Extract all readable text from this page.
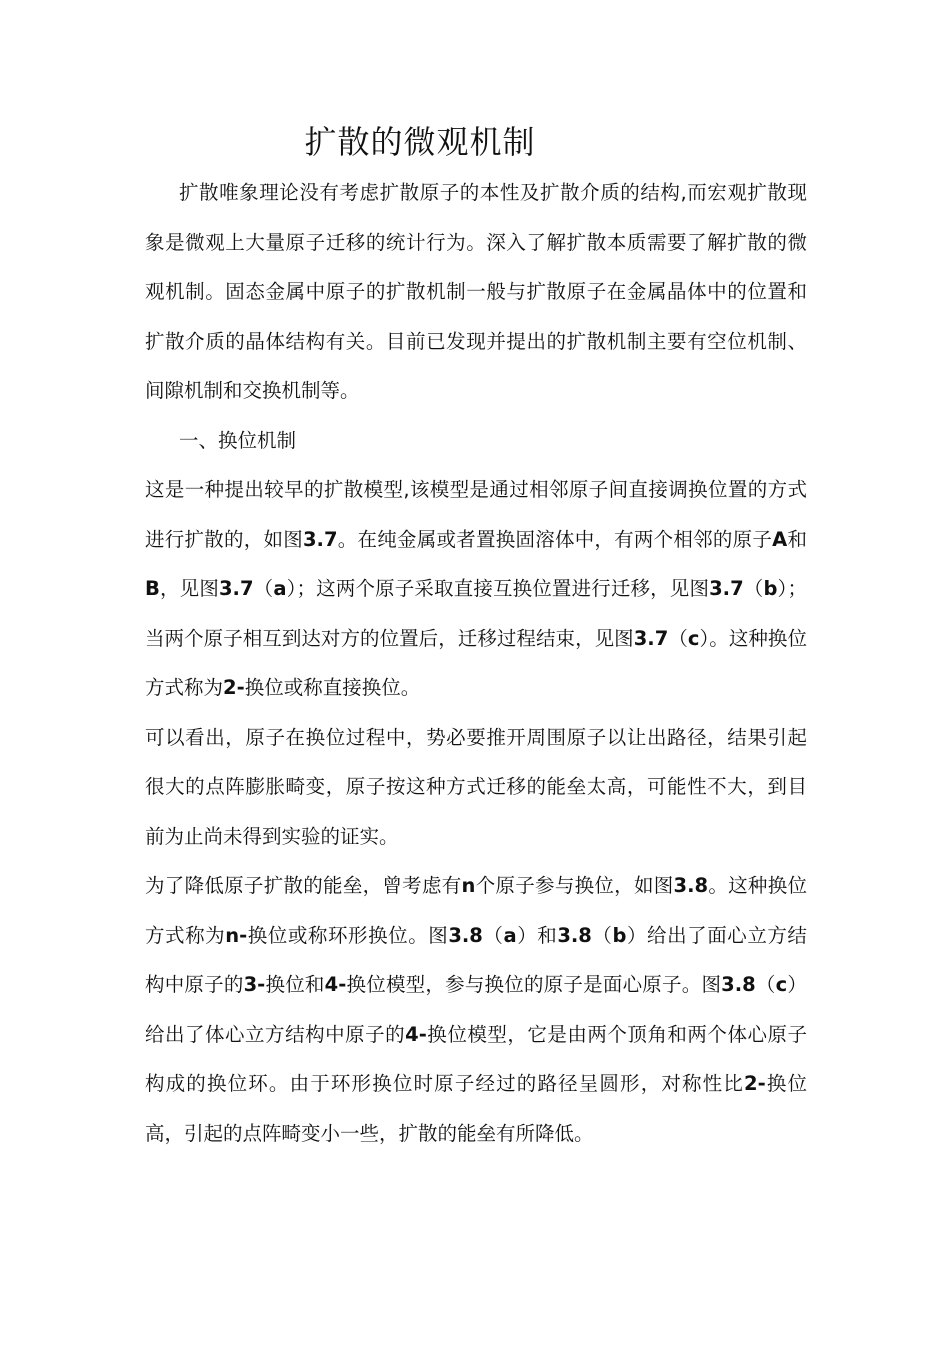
扩散的微观机制

扩散唯象理论没有考虑扩散原子的本性及扩散介质的结构,而宏观扩散现象是微观上大量原子迁移的统计行为。深入了解扩散本质需要了解扩散的微观机制。固态金属中原子的扩散机制一般与扩散原子在金属晶体中的位置和扩散介质的晶体结构有关。目前已发现并提出的扩散机制主要有空位机制、间隙机制和交换机制等。

一、换位机制

这是一种提出较早的扩散模型,该模型是通过相邻原子间直接调换位置的方式进行扩散的，如图3.7。在纯金属或者置换固溶体中，有两个相邻的原子A和B，见图3.7（a）；这两个原子采取直接互换位置进行迁移，见图3.7（b）；当两个原子相互到达对方的位置后，迁移过程结束，见图3.7（c）。这种换位方式称为2-换位或称直接换位。

可以看出，原子在换位过程中，势必要推开周围原子以让出路径，结果引起很大的点阵膨胀畸变，原子按这种方式迁移的能垒太高，可能性不大，到目前为止尚未得到实验的证实。

为了降低原子扩散的能垒，曾考虑有n个原子参与换位，如图3.8。这种换位方式称为n-换位或称环形换位。图3.8（a）和3.8（b）给出了面心立方结构中原子的3-换位和4-换位模型，参与换位的原子是面心原子。图3.8（c）给出了体心立方结构中原子的4-换位模型，它是由两个顶角和两个体心原子构成的换位环。由于环形换位时原子经过的路径呈圆形，对称性比2-换位高，引起的点阵畸变小一些，扩散的能垒有所降低。
